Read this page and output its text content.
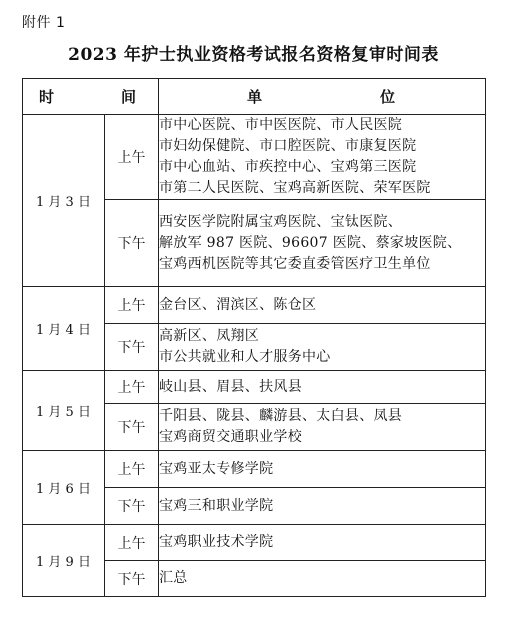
附件 1
2023 年护士执业资格考试报名资格复审时间表
时 间		单 位

1 月 3 日	上午	市中心医院、市中医医院、市人民医院
市妇幼保健院、市口腔医院、市康复医院
市中心血站、市疾控中心、宝鸡第三医院
市第二人民医院、宝鸡高新医院、荣军医院

	下午	西安医学院附属宝鸡医院、宝钛医院、
解放军 987 医院、96607 医院、蔡家坡医院、
宝鸡西机医院等其它委直委管医疗卫生单位

1 月 4 日	上午	金台区、渭滨区、陈仓区

	下午	高新区、凤翔区
市公共就业和人才服务中心

1 月 5 日	上午	岐山县、眉县、扶风县

	下午	千阳县、陇县、麟游县、太白县、凤县
宝鸡商贸交通职业学校

1 月 6 日	上午	宝鸡亚太专修学院

	下午	宝鸡三和职业学院

1 月 9 日	上午	宝鸡职业技术学院

	下午	汇总
